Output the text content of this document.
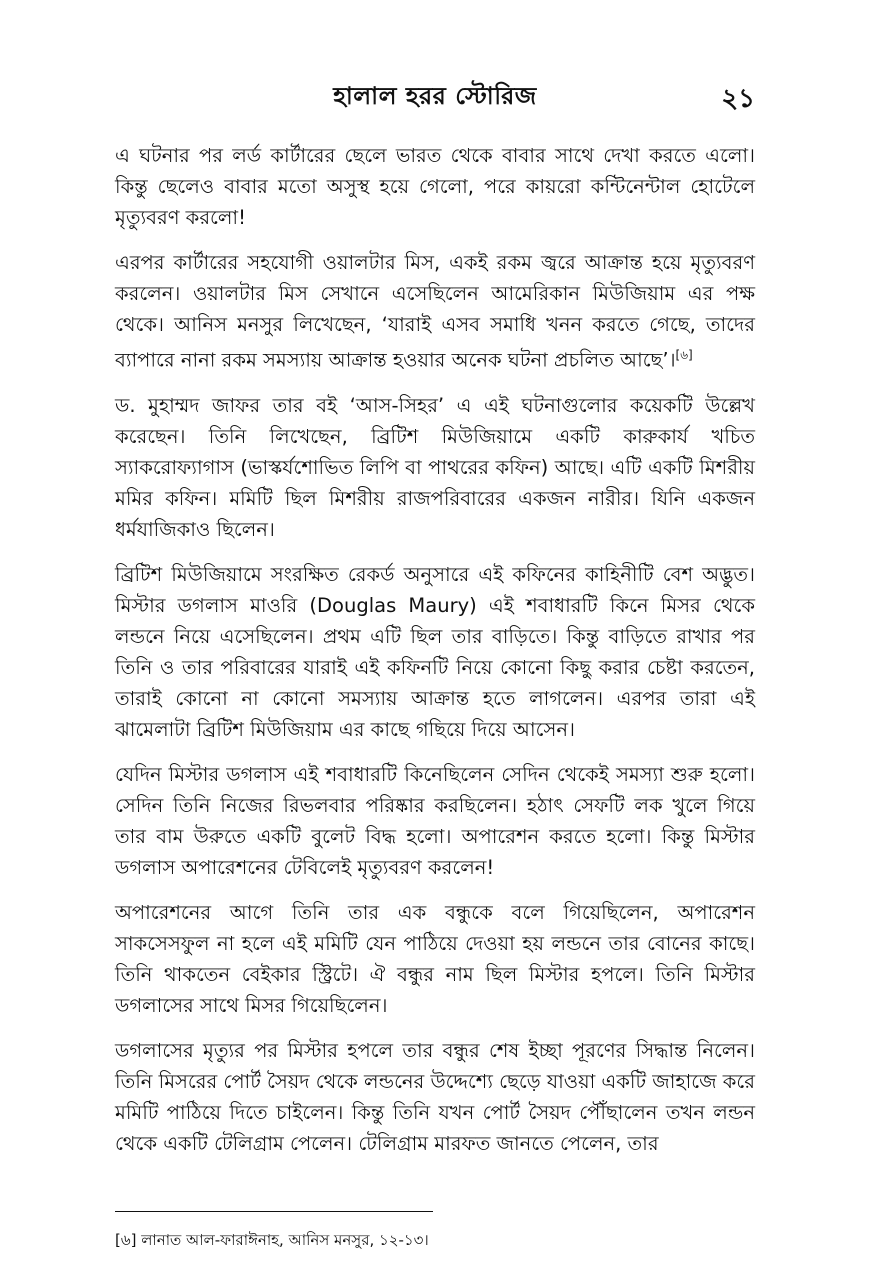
হালাল হরর স্টোরিজ	২১

এ ঘটনার পর লর্ড কার্টারের ছেলে ভারত থেকে বাবার সাথে দেখা করতে এলো। কিন্তু ছেলেও বাবার মতো অসুস্থ হয়ে গেলো, পরে কায়রো কন্টিনেন্টাল হোটেলে মৃত্যুবরণ করলো!

এরপর কার্টারের সহযোগী ওয়ালটার মিস, একই রকম জ্বরে আক্রান্ত হয়ে মৃত্যুবরণ করলেন। ওয়ালটার মিস সেখানে এসেছিলেন আমেরিকান মিউজিয়াম এর পক্ষ থেকে। আনিস মনসুর লিখেছেন, ‘যারাই এসব সমাধি খনন করতে গেছে, তাদের ব্যাপারে নানা রকম সমস্যায় আক্রান্ত হওয়ার অনেক ঘটনা প্রচলিত আছে’।[৬]

ড. মুহাম্মদ জাফর তার বই ‘আস-সিহর’ এ এই ঘটনাগুলোর কয়েকটি উল্লেখ করেছেন। তিনি লিখেছেন, ব্রিটিশ মিউজিয়ামে একটি কারুকার্য খচিত স্যাকরোফ্যাগাস (ভাস্কর্যশোভিত লিপি বা পাথরের কফিন) আছে। এটি একটি মিশরীয় মমির কফিন। মমিটি ছিল মিশরীয় রাজপরিবারের একজন নারীর। যিনি একজন ধর্মযাজিকাও ছিলেন।

ব্রিটিশ মিউজিয়ামে সংরক্ষিত রেকর্ড অনুসারে এই কফিনের কাহিনীটি বেশ অদ্ভুত। মিস্টার ডগলাস মাওরি (Douglas Maury) এই শবাধারটি কিনে মিসর থেকে লন্ডনে নিয়ে এসেছিলেন। প্রথম এটি ছিল তার বাড়িতে। কিন্তু বাড়িতে রাখার পর তিনি ও তার পরিবারের যারাই এই কফিনটি নিয়ে কোনো কিছু করার চেষ্টা করতেন, তারাই কোনো না কোনো সমস্যায় আক্রান্ত হতে লাগলেন। এরপর তারা এই ঝামেলাটা ব্রিটিশ মিউজিয়াম এর কাছে গছিয়ে দিয়ে আসেন।

যেদিন মিস্টার ডগলাস এই শবাধারটি কিনেছিলেন সেদিন থেকেই সমস্যা শুরু হলো। সেদিন তিনি নিজের রিভলবার পরিষ্কার করছিলেন। হঠাৎ সেফটি লক খুলে গিয়ে তার বাম উরুতে একটি বুলেট বিদ্ধ হলো। অপারেশন করতে হলো। কিন্তু মিস্টার ডগলাস অপারেশনের টেবিলেই মৃত্যুবরণ করলেন!

অপারেশনের আগে তিনি তার এক বন্ধুকে বলে গিয়েছিলেন, অপারেশন সাকসেসফুল না হলে এই মমিটি যেন পাঠিয়ে দেওয়া হয় লন্ডনে তার বোনের কাছে। তিনি থাকতেন বেইকার স্ট্রিটে। ঐ বন্ধুর নাম ছিল মিস্টার হপলে। তিনি মিস্টার ডগলাসের সাথে মিসর গিয়েছিলেন।

ডগলাসের মৃত্যুর পর মিস্টার হপলে তার বন্ধুর শেষ ইচ্ছা পূরণের সিদ্ধান্ত নিলেন। তিনি মিসরের পোর্ট সৈয়দ থেকে লন্ডনের উদ্দেশ্যে ছেড়ে যাওয়া একটি জাহাজে করে মমিটি পাঠিয়ে দিতে চাইলেন। কিন্তু তিনি যখন পোর্ট সৈয়দ পৌঁছালেন তখন লন্ডন থেকে একটি টেলিগ্রাম পেলেন। টেলিগ্রাম মারফত জানতে পেলেন, তার

[৬] লানাত আল-ফারাঈনাহ, আনিস মনসুর, ১২-১৩।
